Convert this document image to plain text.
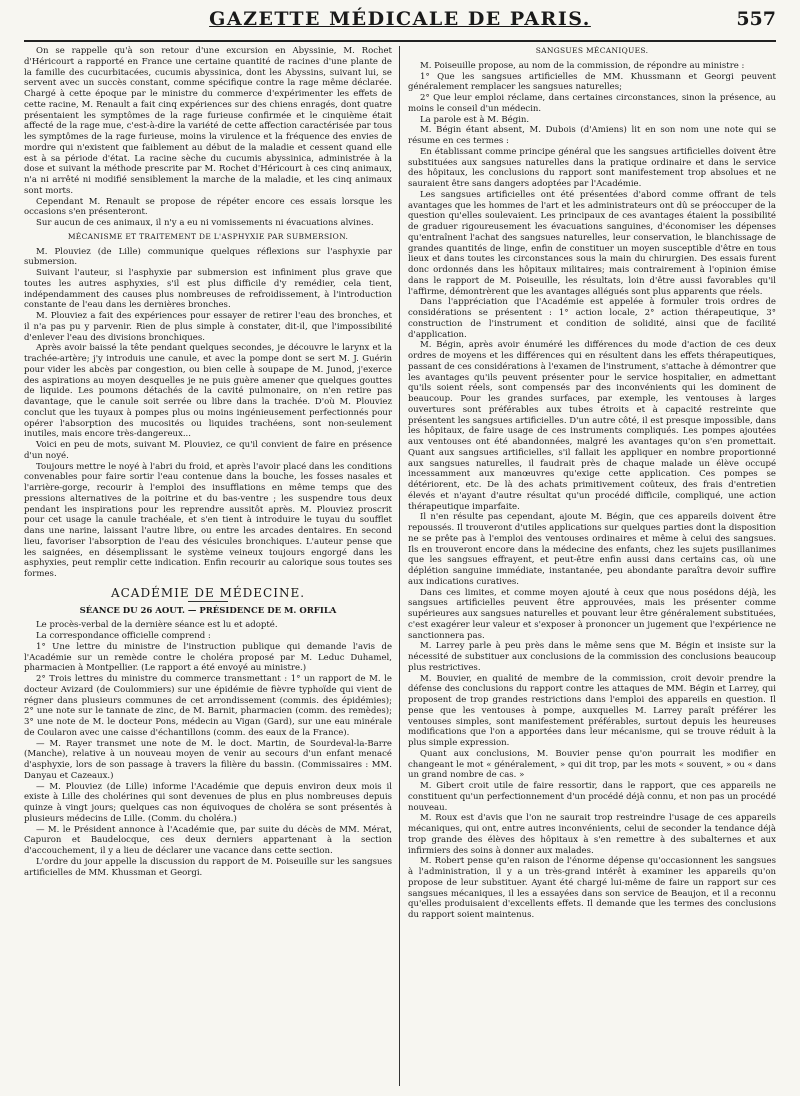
GAZETTE MÉDICALE DE PARIS.	557

On se rappelle qu'à son retour d'une excursion en Abyssinie, M. Rochet d'Héricourt a rapporté en France une certaine quantité de racines d'une plante de la famille des cucurbitacées, cucumis abyssinica, dont les Abyssins, suivant lui, se servent avec un succès constant, comme spécifique contre la rage même déclarée. Chargé à cette époque par le ministre du commerce d'expérimenter les effets de cette racine, M. Renault a fait cinq expériences sur des chiens enragés, dont quatre présentaient les symptômes de la rage furieuse confirmée et le cinquième était affecté de la rage mue, c'est-à-dire la variété de cette affection caractérisée par tous les symptômes de la rage furieuse, moins la virulence et la fréquence des envies de mordre qui n'existent que faiblement au début de la maladie et cessent quand elle est à sa période d'état. La racine sèche du cucumis abyssinica, administrée à la dose et suivant la méthode prescrite par M. Rochet d'Héricourt à ces cinq animaux, n'a ni arrêté ni modifié sensiblement la marche de la maladie, et les cinq animaux sont morts.

Cependant M. Renault se propose de répéter encore ces essais lorsque les occasions s'en présenteront.

Sur aucun de ces animaux, il n'y a eu ni vomissements ni évacuations alvines.

MÉCANISME ET TRAITEMENT DE L'ASPHYXIE PAR SUBMERSION.

M. Plouviez (de Lille) communique quelques réflexions sur l'asphyxie par submersion.

Suivant l'auteur, si l'asphyxie par submersion est infiniment plus grave que toutes les autres asphyxies, s'il est plus difficile d'y remédier, cela tient, indépendamment des causes plus nombreuses de refroidissement, à l'introduction constante de l'eau dans les dernières bronches.

M. Plouviez a fait des expériences pour essayer de retirer l'eau des bronches, et il n'a pas pu y parvenir. Rien de plus simple à constater, dit-il, que l'impossibilité d'enlever l'eau des divisions bronchiques.

Après avoir baissé la tête pendant quelques secondes, je découvre le larynx et la trachée-artère; j'y introduis une canule, et avec la pompe dont se sert M. J. Guérin pour vider les abcès par congestion, ou bien celle à soupape de M. Junod, j'exerce des aspirations au moyen desquelles je ne puis guère amener que quelques gouttes de liquide. Les poumons détachés de la cavité pulmonaire, on n'en retire pas davantage, que le canule soit serrée ou libre dans la trachée. D'où M. Plouviez conclut que les tuyaux à pompes plus ou moins ingénieusement perfectionnés pour opérer l'absorption des mucosités ou liquides trachéens, sont non-seulement inutiles, mais encore très-dangereux...

Voici en peu de mots, suivant M. Plouviez, ce qu'il convient de faire en présence d'un noyé.

Toujours mettre le noyé à l'abri du froid, et après l'avoir placé dans les conditions convenables pour faire sortir l'eau contenue dans la bouche, les fosses nasales et l'arrière-gorge, recourir à l'emploi des insufflations en même temps que des pressions alternatives de la poitrine et du bas-ventre ; les suspendre tous deux pendant les inspirations pour les reprendre aussitôt après. M. Plouviez proscrit pour cet usage la canule trachéale, et s'en tient à introduire le tuyau du soufflet dans une narine, laissant l'autre libre, ou entre les arcades dentaires. En second lieu, favoriser l'absorption de l'eau des vésicules bronchiques. L'auteur pense que les saignées, en désemplissant le système veineux toujours engorgé dans les asphyxies, peut remplir cette indication. Enfin recourir au calorique sous toutes ses formes.

ACADÉMIE DE MÉDECINE.
SÉANCE DU 26 AOUT. — PRÉSIDENCE DE M. ORFILA

Le procès-verbal de la dernière séance est lu et adopté.

La correspondance officielle comprend :

1° Une lettre du ministre de l'instruction publique qui demande l'avis de l'Académie sur un remède contre le choléra proposé par M. Leduc Duhamel, pharmacien à Montpellier. (Le rapport a été envoyé au ministre.)

2° Trois lettres du ministre du commerce transmettant : 1° un rapport de M. le docteur Avizard (de Coulommiers) sur une épidémie de fièvre typhoïde qui vient de régner dans plusieurs communes de cet arrondissement (commis. des épidémies); 2° une note sur le tannate de zinc, de M. Barnit, pharmacien (comm. des remèdes); 3° une note de M. le docteur Pons, médecin au Vigan (Gard), sur une eau minérale de Coularon avec une caisse d'échantillons (comm. des eaux de la France).

— M. Rayer transmet une note de M. le doct. Martin, de Sourdeval-la-Barre (Manche), relative à un nouveau moyen de venir au secours d'un enfant menacé d'asphyxie, lors de son passage à travers la filière du bassin. (Commissaires : MM. Danyau et Cazeaux.)

— M. Plouviez (de Lille) informe l'Académie que depuis environ deux mois il existe à Lille des cholérines qui sont devenues de plus en plus nombreuses depuis quinze à vingt jours; quelques cas non équivoques de choléra se sont présentés à plusieurs médecins de Lille. (Comm. du choléra.)

— M. le Président annonce à l'Académie que, par suite du décès de MM. Mérat, Capuron et Baudelocque, ces deux derniers appartenant à la section d'accouchement, il y a lieu de déclarer une vacance dans cette section.

L'ordre du jour appelle la discussion du rapport de M. Poiseuille sur les sangsues artificielles de MM. Khussman et Georgi.

SANGSUES MÉCANIQUES.

M. Poiseuille propose, au nom de la commission, de répondre au ministre :

1° Que les sangsues artificielles de MM. Khussmann et Georgi peuvent généralement remplacer les sangsues naturelles;

2° Que leur emploi réclame, dans certaines circonstances, sinon la présence, au moins le conseil d'un médecin.

La parole est à M. Bégin.

M. Bégin étant absent, M. Dubois (d'Amiens) lit en son nom une note qui se résume en ces termes :

En établissant comme principe général que les sangsues artificielles doivent être substituées aux sangsues naturelles dans la pratique ordinaire et dans le service des hôpitaux, les conclusions du rapport sont manifestement trop absolues et ne sauraient être sans dangers adoptées par l'Académie.

Les sangsues artificielles ont été présentées d'abord comme offrant de tels avantages que les hommes de l'art et les administrateurs ont dû se préoccuper de la question qu'elles soulevaient. Les principaux de ces avantages étaient la possibilité de graduer rigoureusement les évacuations sanguines, d'économiser les dépenses qu'entraînent l'achat des sangsues naturelles, leur conservation, le blanchissage de grandes quantités de linge, enfin de constituer un moyen susceptible d'être en tous lieux et dans toutes les circonstances sous la main du chirurgien. Des essais furent donc ordonnés dans les hôpitaux militaires; mais contrairement à l'opinion émise dans le rapport de M. Poiseuille, les résultats, loin d'être aussi favorables qu'il l'affirme, démontrèrent que les avantages allégués sont plus apparents que réels.

Dans l'appréciation que l'Académie est appelée à formuler trois ordres de considérations se présentent : 1° action locale, 2° action thérapeutique, 3° construction de l'instrument et condition de solidité, ainsi que de facilité d'application.

M. Bégin, après avoir énuméré les différences du mode d'action de ces deux ordres de moyens et les différences qui en résultent dans les effets thérapeutiques, passant de ces considérations à l'examen de l'instrument, s'attache à démontrer que les avantages qu'ils peuvent présenter pour le service hospitalier, en admettant qu'ils soient réels, sont compensés par des inconvénients qui les dominent de beaucoup. Pour les grandes surfaces, par exemple, les ventouses à larges ouvertures sont préférables aux tubes étroits et à capacité restreinte que présentent les sangsues artificielles. D'un autre côté, il est presque impossible, dans les hôpitaux, de faire usage de ces instruments compliqués. Les pompes ajoutées aux ventouses ont été abandonnées, malgré les avantages qu'on s'en promettait. Quant aux sangsues artificielles, s'il fallait les appliquer en nombre proportionné aux sangsues naturelles, il faudrait près de chaque malade un élève occupé incessamment aux manœuvres qu'exige cette application. Ces pompes se détériorent, etc. De là des achats primitivement coûteux, des frais d'entretien élevés et n'ayant d'autre résultat qu'un procédé difficile, compliqué, une action thérapeutique imparfaite.

Il n'en résulte pas cependant, ajoute M. Bégin, que ces appareils doivent être repoussés. Il trouveront d'utiles applications sur quelques parties dont la disposition ne se prête pas à l'emploi des ventouses ordinaires et même à celui des sangsues. Ils en trouveront encore dans la médecine des enfants, chez les sujets pusillanimes que les sangsues effrayent, et peut-être enfin aussi dans certains cas, où une déplétion sanguine immédiate, instantanée, peu abondante paraîtra devoir suffire aux indications curatives.

Dans ces limites, et comme moyen ajouté à ceux que nous posédons déjà, les sangsues artificielles peuvent être approuvées, mais les présenter comme supérieures aux sangsues naturelles et pouvant leur être généralement substituées, c'est exagérer leur valeur et s'exposer à prononcer un jugement que l'expérience ne sanctionnera pas.

M. Larrey parle à peu près dans le même sens que M. Bégin et insiste sur la nécessité de substituer aux conclusions de la commission des conclusions beaucoup plus restrictives.

M. Bouvier, en qualité de membre de la commission, croit devoir prendre la défense des conclusions du rapport contre les attaques de MM. Bégin et Larrey, qui proposent de trop grandes restrictions dans l'emploi des appareils en question. Il pense que les ventouses à pompe, auxquelles M. Larrey paraît préférer les ventouses simples, sont manifestement préférables, surtout depuis les heureuses modifications que l'on a apportées dans leur mécanisme, qui se trouve réduit à la plus simple expression.

Quant aux conclusions, M. Bouvier pense qu'on pourrait les modifier en changeant le mot « généralement, » qui dit trop, par les mots « souvent, » ou « dans un grand nombre de cas. »

M. Gibert croit utile de faire ressortir, dans le rapport, que ces appareils ne constituent qu'un perfectionnement d'un procédé déjà connu, et non pas un procédé nouveau.

M. Roux est d'avis que l'on ne saurait trop restreindre l'usage de ces appareils mécaniques, qui ont, entre autres inconvénients, celui de seconder la tendance déjà trop grande des élèves des hôpitaux à s'en remettre à des subalternes et aux infirmiers des soins à donner aux malades.

M. Robert pense qu'en raison de l'énorme dépense qu'occasionnent les sangsues à l'administration, il y a un très-grand intérêt à examiner les appareils qu'on propose de leur substituer. Ayant été chargé lui-même de faire un rapport sur ces sangsues mécaniques, il les a essayées dans son service de Beaujon, et il a reconnu qu'elles produisaient d'excellents effets. Il demande que les termes des conclusions du rapport soient maintenus.
